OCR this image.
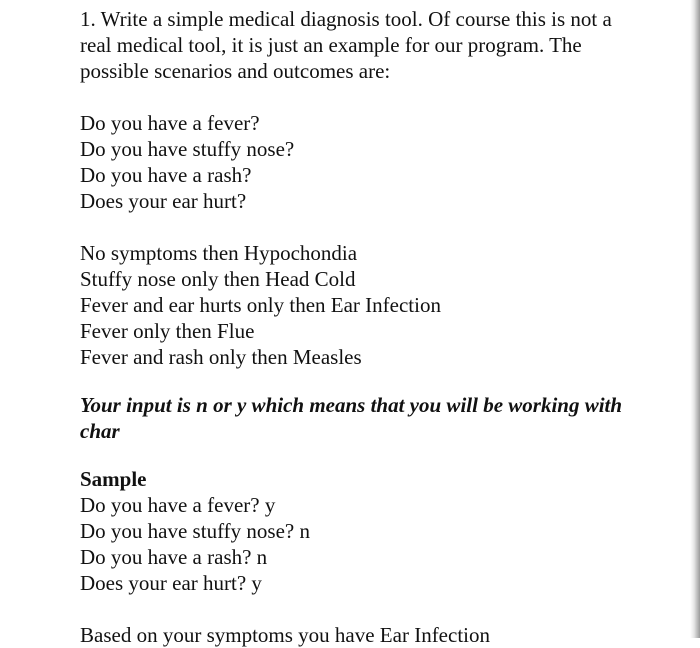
1. Write a simple medical diagnosis tool. Of course this is not a
real medical tool, it is just an example for our program. The
possible scenarios and outcomes are:

Do you have a fever?
Do you have stuffy nose?
Do you have a rash?
Does your ear hurt?
No symptoms then Hypochondia
Stuffy nose only then Head Cold
Fever and ear hurts only then Ear Infection
Fever only then Flue
Fever and rash only then Measles

Your input is n or y which means that you will be working with
char

Sample
Do you have a fever? y
Do you have stuffy nose? n
Do you have a rash? n
Does your ear hurt? y

Based on your symptoms you have Ear Infection
